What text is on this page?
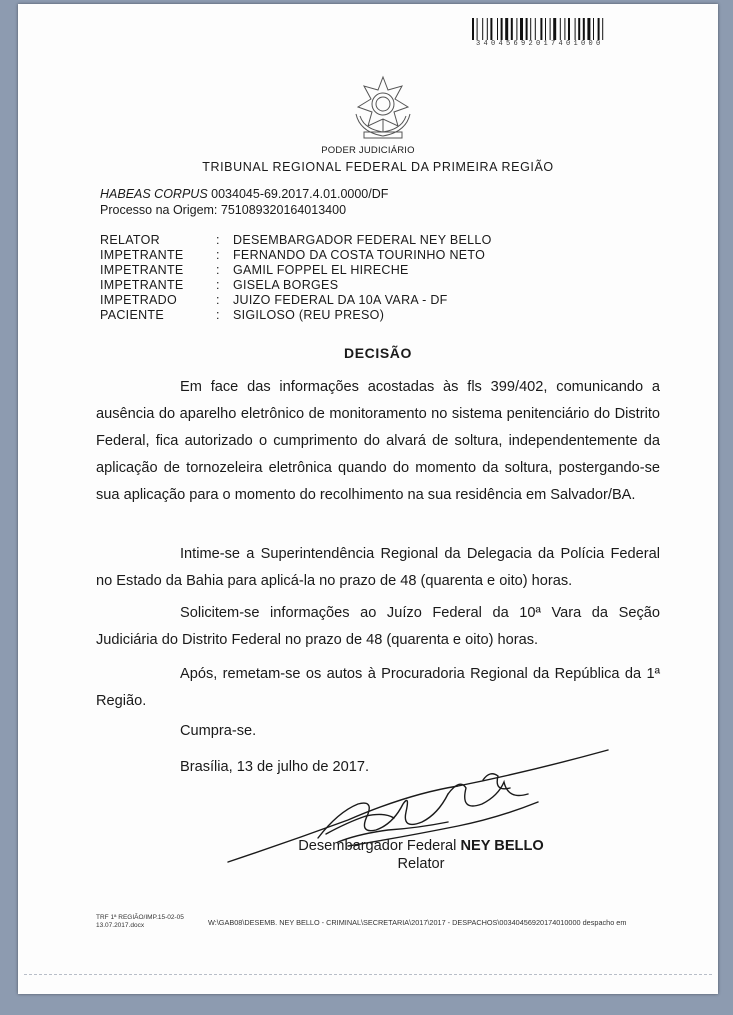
34045692017401000
PODER JUDICIÁRIO
TRIBUNAL REGIONAL FEDERAL DA PRIMEIRA REGIÃO
HABEAS CORPUS 0034045-69.2017.4.01.0000/DF
Processo na Origem: 751089320164013400
RELATOR	: DESEMBARGADOR FEDERAL NEY BELLO
IMPETRANTE	: FERNANDO DA COSTA TOURINHO NETO
IMPETRANTE	: GAMIL FOPPEL EL HIRECHE
IMPETRANTE	: GISELA BORGES
IMPETRADO	: JUIZO FEDERAL DA 10A VARA - DF
PACIENTE	: SIGILOSO (REU PRESO)
DECISÃO

Em face das informações acostadas às fls 399/402, comunicando a ausência do aparelho eletrônico de monitoramento no sistema penitenciário do Distrito Federal, fica autorizado o cumprimento do alvará de soltura, independentemente da aplicação de tornozeleira eletrônica quando do momento da soltura, postergando-se sua aplicação para o momento do recolhimento na sua residência em Salvador/BA.

Intime-se a Superintendência Regional da Delegacia da Polícia Federal no Estado da Bahia para aplicá-la no prazo de 48 (quarenta e oito) horas.

Solicitem-se informações ao Juízo Federal da 10ª Vara da Seção Judiciária do Distrito Federal no prazo de 48 (quarenta e oito) horas.

Após, remetam-se os autos à Procuradoria Regional da República da 1ª Região.

Cumpra-se.
Brasília, 13 de julho de 2017.
Desembargador Federal NEY BELLO
Relator
TRF 1ª REGIÃO/IMP.15-02-05
13.07.2017.docx	W:\GAB08\DESEMB. NEY BELLO - CRIMINAL\SECRETARIA\2017\2017 - DESPACHOS\00340456920174010000 despacho em
